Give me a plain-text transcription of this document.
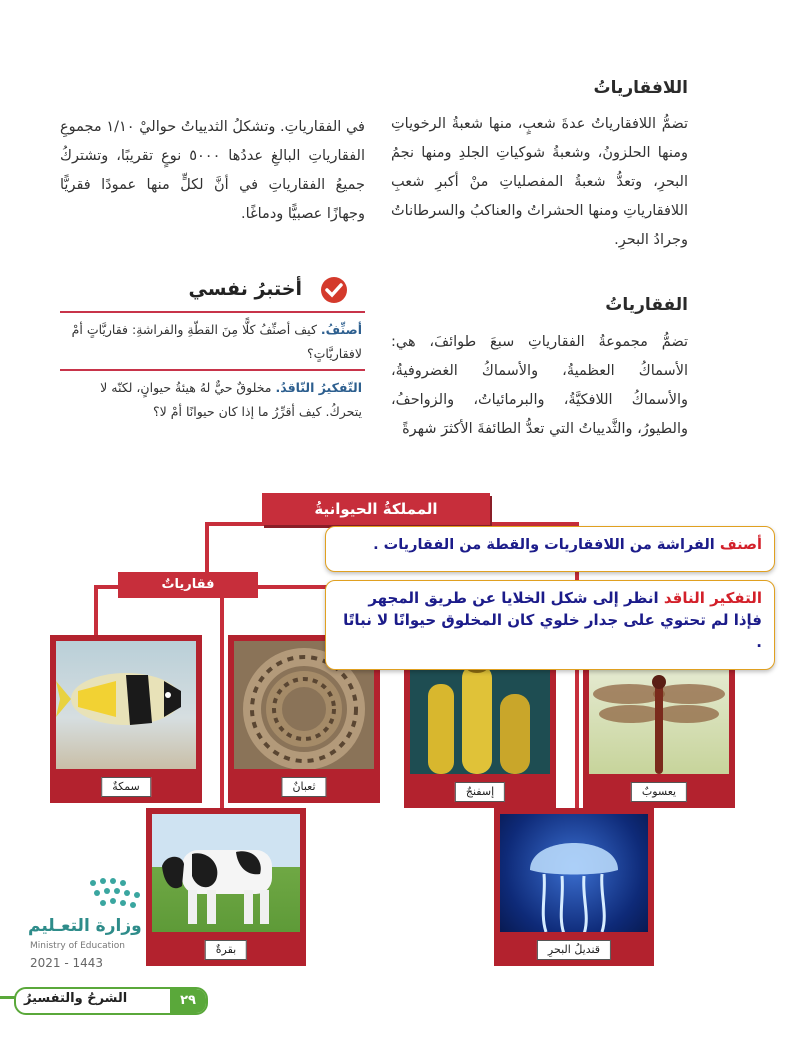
اللافقارياتُ
تضمُّ اللافقارياتُ عدةَ شعبٍ، منها شعبةُ الرخوياتِ ومنها الحلزونُ، وشعبةُ شوكياتِ الجلدِ ومنها نجمُ البحرِ، وتعدُّ شعبةُ المفصلياتِ منْ أكبرِ شعبِ اللافقارياتِ ومنها الحشراتُ والعناكبُ والسرطاناتُ وجرادُ البحرِ.
الفقارياتُ
تضمُّ مجموعةُ الفقارياتِ سبعَ طوائفَ، هي: الأسماكُ العظميةُ، والأسماكُ الغضروفيةُ، والأسماكُ اللافكيَّةُ، والبرمائياتُ، والزواحفُ، والطيورُ، والثَّديياتُ التي تعدُّ الطائفةَ الأكثرَ شهرةً
في الفقارياتِ. وتشكلُ الثديياتُ حواليْ ١/١٠ مجموعِ الفقارياتِ البالغِ عددُها ٥٠٠٠ نوعٍ تقريبًا، وتشتركُ جميعُ الفقارياتِ في أنَّ لكلٍّ منها عمودًا فقريًّا وجهازًا عصبيًّا ودماغًا.
أختبرُ نفسي
أصنِّفُ. كيف أصنِّفُ كلًّا مِنَ القطّةِ والفراشةِ: فقاريَّاتٍ أمْ لافقاريَّاتٍ؟
التّفكيرُ النّاقدُ. مخلوقٌ حيٌّ لهُ هيئةُ حيوانٍ، لكنّه لا يتحركُ. كيف أقرِّرُ ما إذا كان حيوانًا أمْ لا؟
المملكةُ الحيوانيةُ
فقارياتٌ
سمكةٌ	ثعبانٌ	إسفنجٌ	يعسوبٌ
بقرةٌ	قنديلُ البحرِ
أصنف الفراشة من اللافقاريات والقطة من الفقاريات .
التفكير الناقد انظر إلى شكل الخلايا عن طريق المجهر فإذا لم تحتوي على جدار خلوي كان المخلوق حيوانًا لا نباتًا .
وزارة التعـليم
Ministry of Education
2021 - 1443
الشرحُ والتفسيرُ	٢٩
